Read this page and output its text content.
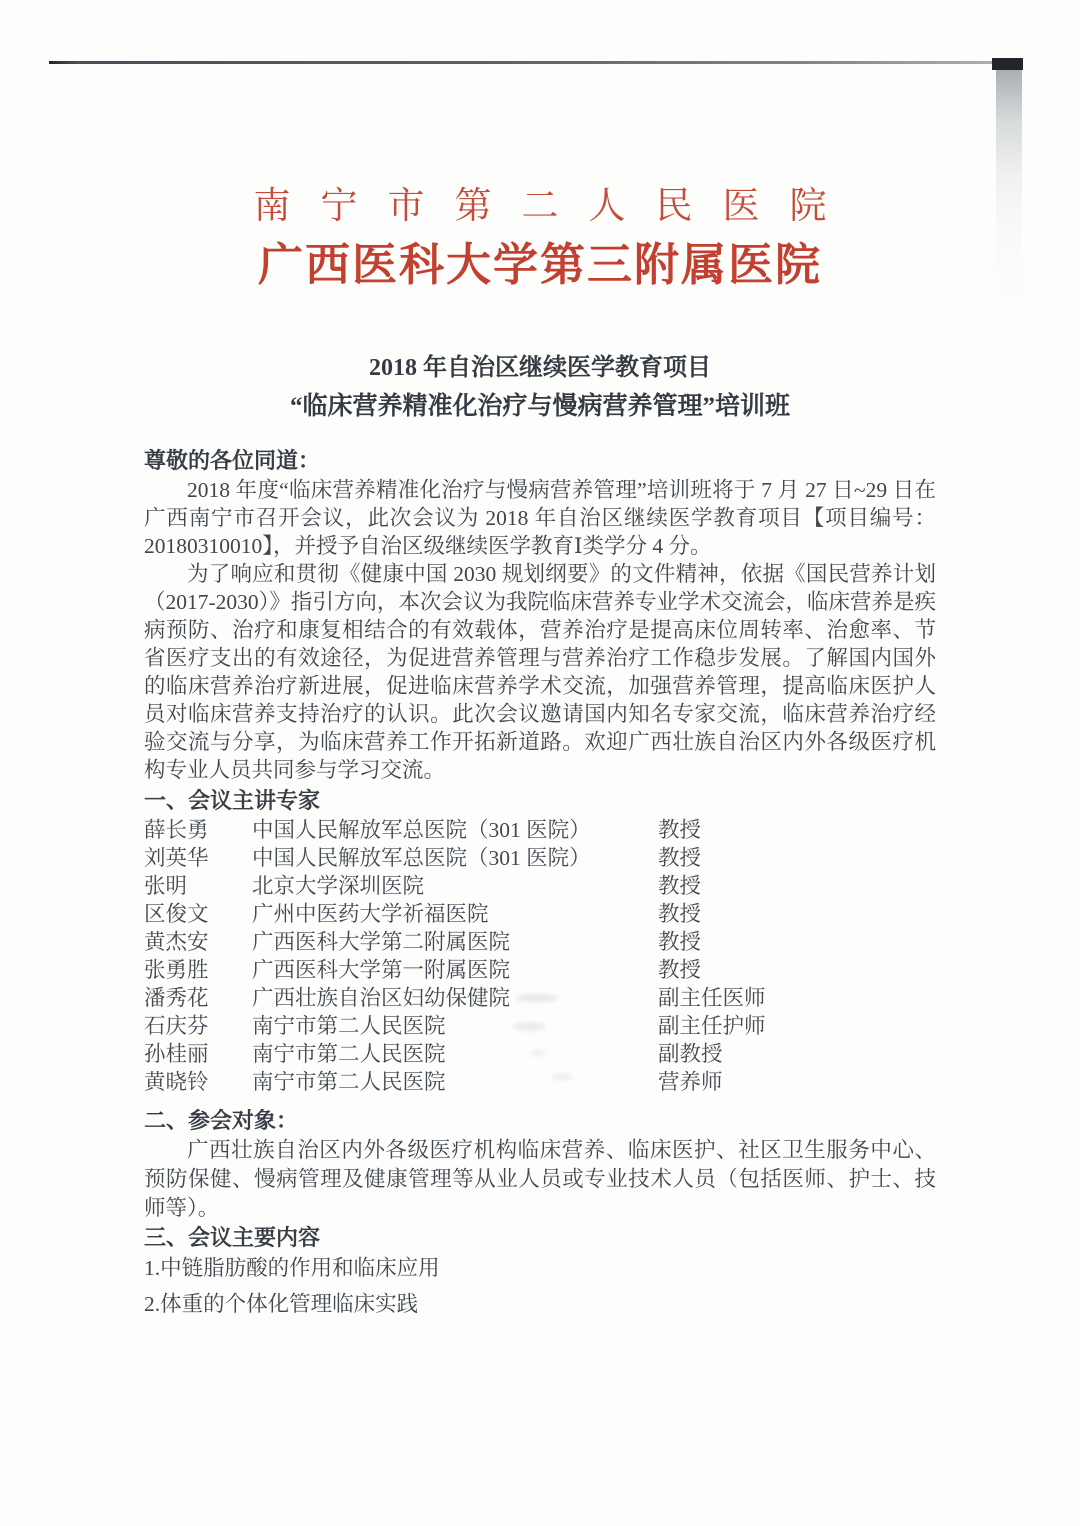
南宁市第二人民医院
广西医科大学第三附属医院
2018 年自治区继续医学教育项目
“临床营养精准化治疗与慢病营养管理”培训班
尊敬的各位同道：

2018 年度“临床营养精准化治疗与慢病营养管理”培训班将于 7 月 27 日~29 日在广西南宁市召开会议，此次会议为 2018 年自治区继续医学教育项目【项目编号：20180310010】，并授予自治区级继续医学教育Ⅰ类学分 4 分。

为了响应和贯彻《健康中国 2030 规划纲要》的文件精神，依据《国民营养计划（2017-2030）》指引方向，本次会议为我院临床营养专业学术交流会，临床营养是疾病预防、治疗和康复相结合的有效载体，营养治疗是提高床位周转率、治愈率、节省医疗支出的有效途径，为促进营养管理与营养治疗工作稳步发展。了解国内国外的临床营养治疗新进展，促进临床营养学术交流，加强营养管理，提高临床医护人员对临床营养支持治疗的认识。此次会议邀请国内知名专家交流，临床营养治疗经验交流与分享，为临床营养工作开拓新道路。欢迎广西壮族自治区内外各级医疗机构专业人员共同参与学习交流。

一、会议主讲专家
薛长勇	中国人民解放军总医院（301 医院）	教授
刘英华	中国人民解放军总医院（301 医院）	教授
张明	北京大学深圳医院	教授
区俊文	广州中医药大学祈福医院	教授
黄杰安	广西医科大学第二附属医院	教授
张勇胜	广西医科大学第一附属医院	教授
潘秀花	广西壮族自治区妇幼保健院	副主任医师
石庆芬	南宁市第二人民医院	副主任护师
孙桂丽	南宁市第二人民医院	副教授
黄晓铃	南宁市第二人民医院	营养师
二、参会对象：

广西壮族自治区内外各级医疗机构临床营养、临床医护、社区卫生服务中心、预防保健、慢病管理及健康管理等从业人员或专业技术人员（包括医师、护士、技师等）。

三、会议主要内容
1.中链脂肪酸的作用和临床应用
2.体重的个体化管理临床实践
